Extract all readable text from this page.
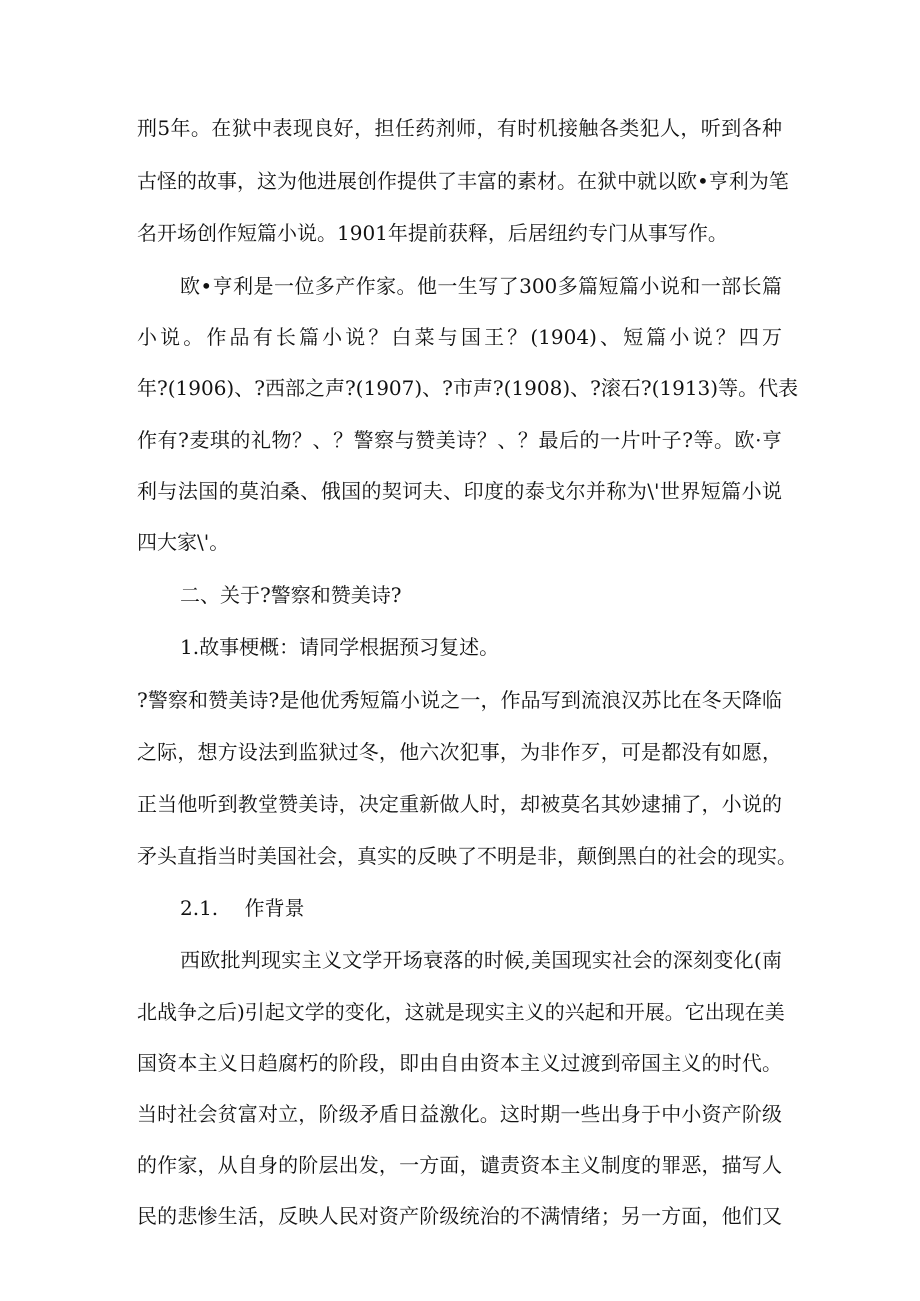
刑5年。在狱中表现良好，担任药剂师，有时机接触各类犯人，听到各种
古怪的故事，这为他进展创作提供了丰富的素材。在狱中就以欧•亨利为笔
名开场创作短篇小说。1901年提前获释，后居纽约专门从事写作。
欧•亨利是一位多产作家。他一生写了300多篇短篇小说和一部长篇
小说。作品有长篇小说？白菜与国王？(1904)、短篇小说？四万
年?(1906)、?西部之声?(1907)、?市声?(1908)、?滚石?(1913)等。代表
作有?麦琪的礼物？、？警察与赞美诗？、？最后的一片叶子?等。欧·亨
利与法国的莫泊桑、俄国的契诃夫、印度的泰戈尔并称为\'世界短篇小说
四大家\'。
二、关于?警察和赞美诗?
1.故事梗概：请同学根据预习复述。
?警察和赞美诗?是他优秀短篇小说之一，作品写到流浪汉苏比在冬天降临
之际，想方设法到监狱过冬，他六次犯事，为非作歹，可是都没有如愿，
正当他听到教堂赞美诗，决定重新做人时，却被莫名其妙逮捕了，小说的
矛头直指当时美国社会，真实的反映了不明是非，颠倒黑白的社会的现实。
2.1.　 作背景
西欧批判现实主义文学开场衰落的时候,美国现实社会的深刻变化(南
北战争之后)引起文学的变化，这就是现实主义的兴起和开展。它出现在美
国资本主义日趋腐朽的阶段，即由自由资本主义过渡到帝国主义的时代。
当时社会贫富对立，阶级矛盾日益激化。这时期一些出身于中小资产阶级
的作家，从自身的阶层出发，一方面，谴责资本主义制度的罪恶，描写人
民的悲惨生活，反映人民对资产阶级统治的不满情绪；另一方面，他们又
